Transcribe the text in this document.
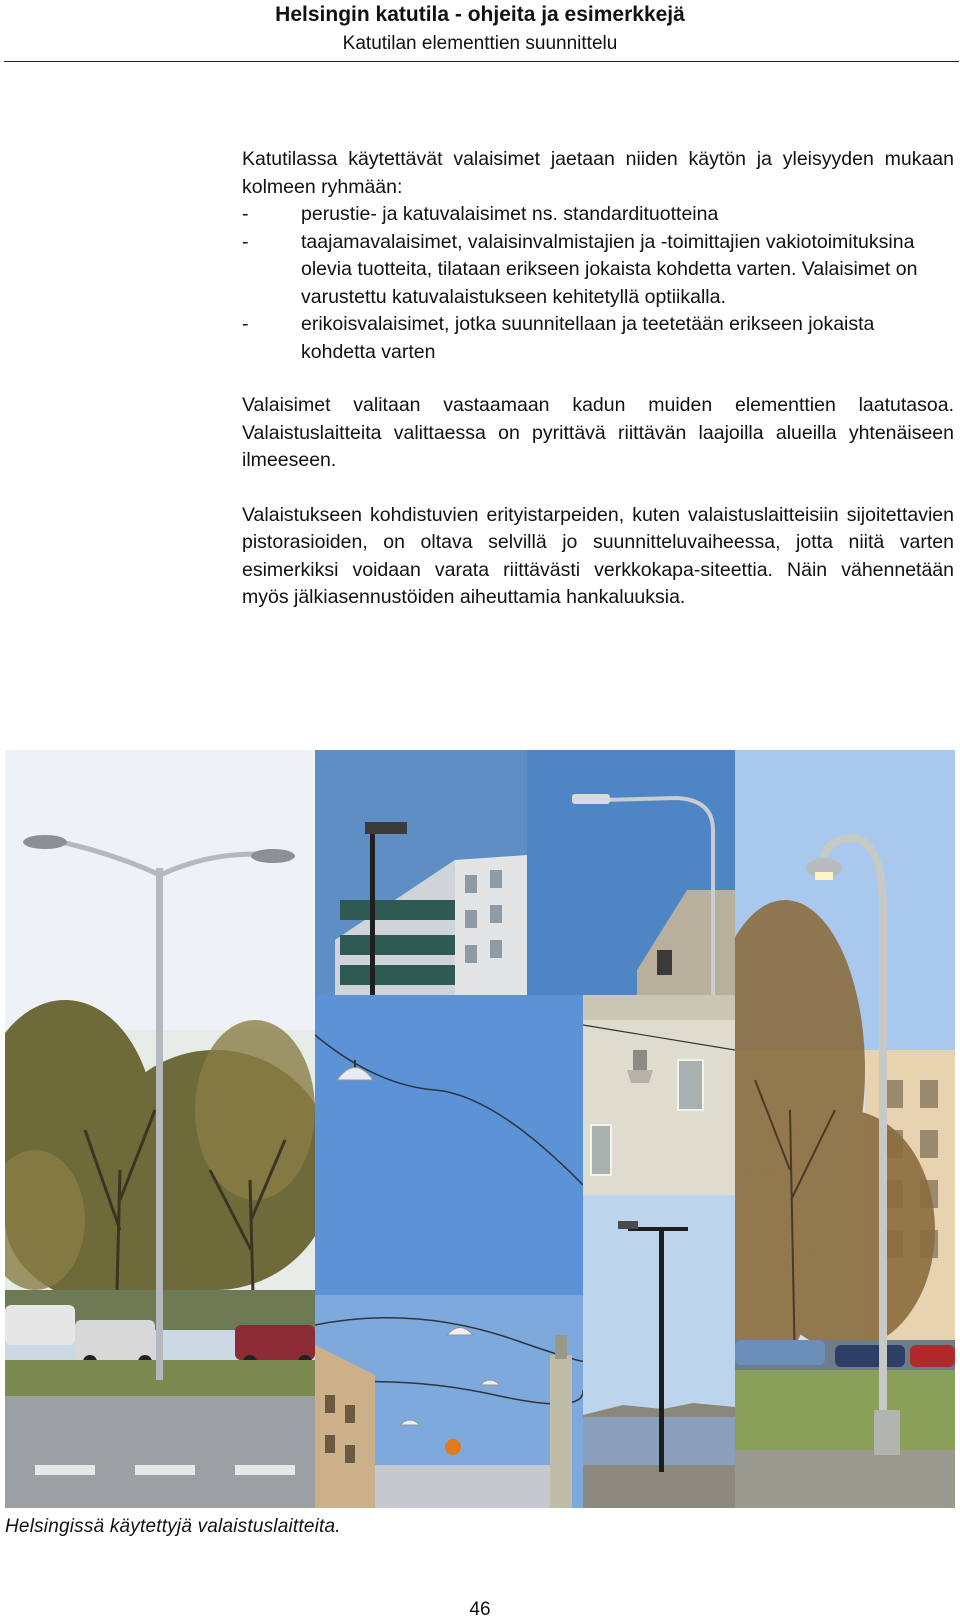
Helsingin katutila - ohjeita ja esimerkkejä
Katutilan elementtien suunnittelu

Katutilassa käytettävät valaisimet jaetaan niiden käytön ja yleisyyden mukaan kolmeen ryhmään:

-	perustie- ja katuvalaisimet ns. standardituotteina
-	taajamavalaisimet, valaisinvalmistajien ja -toimittajien vakiotoimituksina olevia tuotteita, tilataan erikseen jokaista kohdetta varten. Valaisimet on varustettu katuvalaistukseen kehitetyllä optiikalla.
-	erikoisvalaisimet, jotka suunnitellaan ja teetetään erikseen jokaista kohdetta varten

Valaisimet valitaan vastaamaan kadun muiden elementtien laatutasoa. Valaistuslaitteita valittaessa on pyrittävä riittävän laajoilla alueilla yhtenäiseen ilmeeseen.

Valaistukseen kohdistuvien erityistarpeiden, kuten valaistuslaitteisiin sijoitettavien pistorasioiden, on oltava selvillä jo suunnitteluvaiheessa, jotta niitä varten esimerkiksi voidaan varata riittävästi verkkokapa-siteettia. Näin vähennetään myös jälkiasennustöiden aiheuttamia hankaluuksia.

Helsingissä käytettyjä valaistuslaitteita.
46
